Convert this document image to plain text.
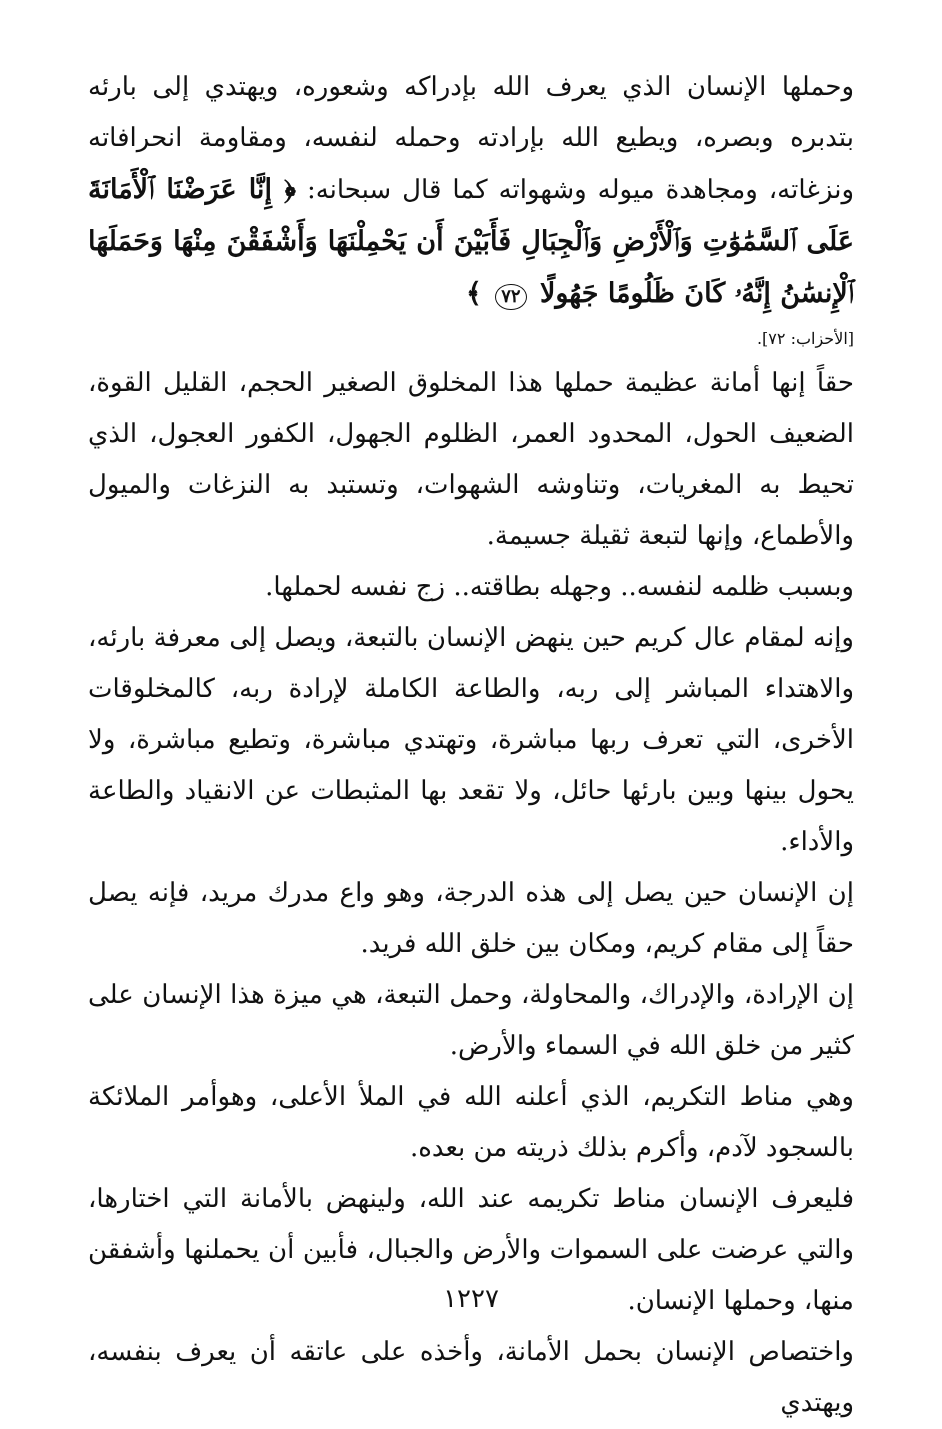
وحملها الإنسان الذي يعرف الله بإدراكه وشعوره، ويهتدي إلى بارئه بتدبره وبصره، ويطيع الله بإرادته وحمله لنفسه، ومقاومة انحرافاته ونزغاته، ومجاهدة ميوله وشهواته كما قال سبحانه: ﴿ إِنَّا عَرَضْنَا ٱلْأَمَانَةَ عَلَى ٱلسَّمَٰوَٰتِ وَٱلْأَرْضِ وَٱلْجِبَالِ فَأَبَيْنَ أَن يَحْمِلْنَهَا وَأَشْفَقْنَ مِنْهَا وَحَمَلَهَا ٱلْإِنسَٰنُ إِنَّهُۥ كَانَ ظَلُومًا جَهُولًا ٧٢ ﴾

[الأحزاب: ٧٢].

حقاً إنها أمانة عظيمة حملها هذا المخلوق الصغير الحجم، القليل القوة، الضعيف الحول، المحدود العمر، الظلوم الجهول، الكفور العجول، الذي تحيط به المغريات، وتناوشه الشهوات، وتستبد به النزغات والميول والأطماع، وإنها لتبعة ثقيلة جسيمة.

وبسبب ظلمه لنفسه.. وجهله بطاقته.. زج نفسه لحملها.

وإنه لمقام عال كريم حين ينهض الإنسان بالتبعة، ويصل إلى معرفة بارئه، والاهتداء المباشر إلى ربه، والطاعة الكاملة لإرادة ربه، كالمخلوقات الأخرى، التي تعرف ربها مباشرة، وتهتدي مباشرة، وتطيع مباشرة، ولا يحول بينها وبين بارئها حائل، ولا تقعد بها المثبطات عن الانقياد والطاعة والأداء.

إن الإنسان حين يصل إلى هذه الدرجة، وهو واع مدرك مريد، فإنه يصل حقاً إلى مقام كريم، ومكان بين خلق الله فريد.

إن الإرادة، والإدراك، والمحاولة، وحمل التبعة، هي ميزة هذا الإنسان على كثير من خلق الله في السماء والأرض.

وهي مناط التكريم، الذي أعلنه الله في الملأ الأعلى، وهوأمر الملائكة بالسجود لآدم، وأكرم بذلك ذريته من بعده.

فليعرف الإنسان مناط تكريمه عند الله، ولينهض بالأمانة التي اختارها، والتي عرضت على السموات والأرض والجبال، فأبين أن يحملنها وأشفقن منها، وحملها الإنسان.

واختصاص الإنسان بحمل الأمانة، وأخذه على عاتقه أن يعرف بنفسه، ويهتدي

١٢٢٧
